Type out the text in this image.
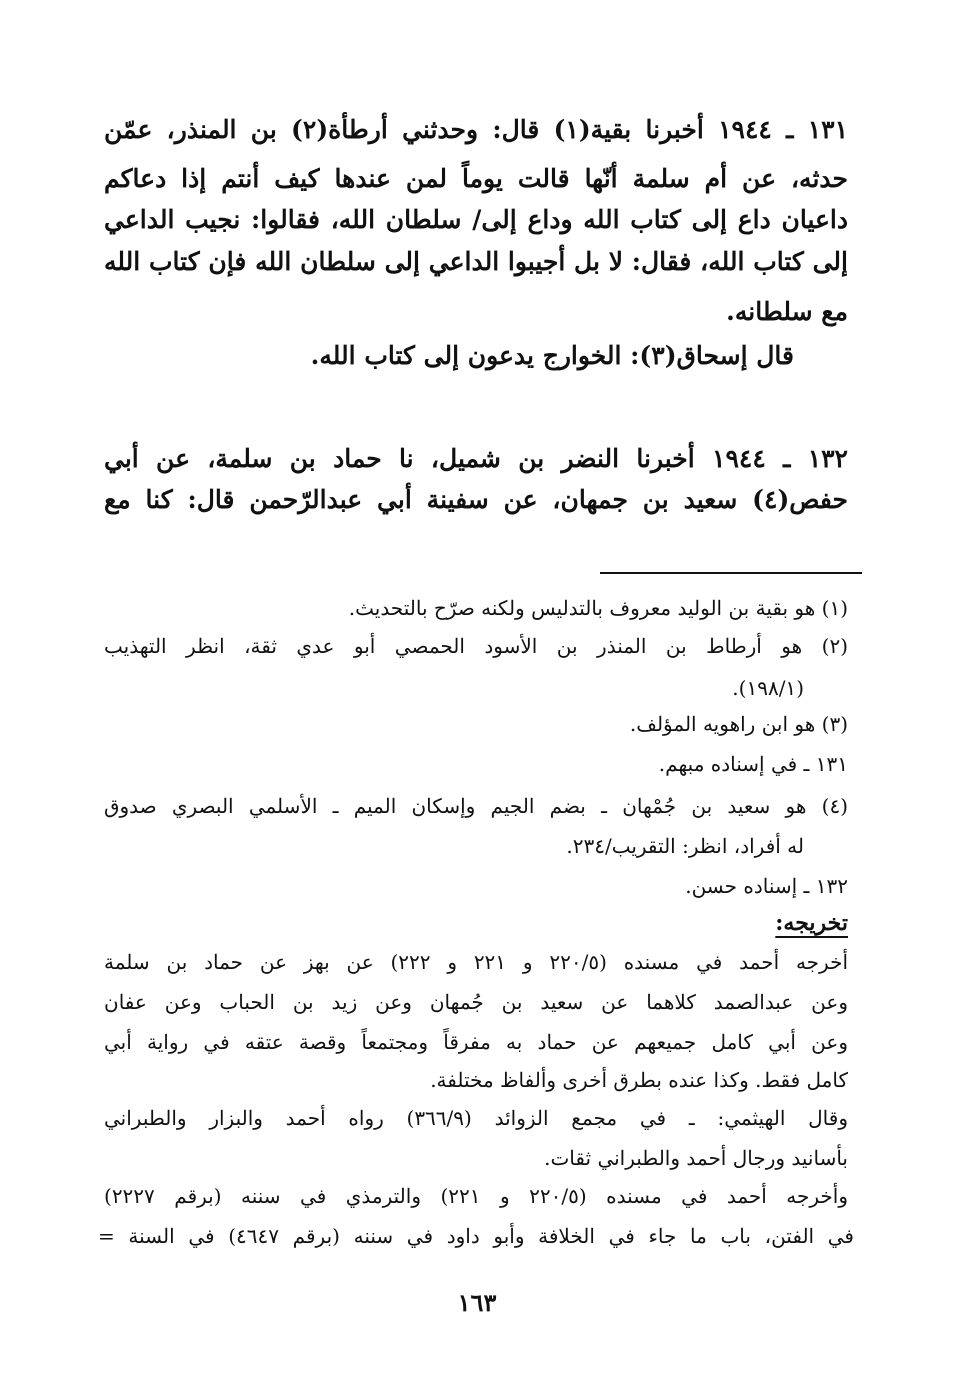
١٣١ ـ ١٩٤٤ أخبرنا بقية(١) قال: وحدثني أرطأة(٢) بن المنذر، عمّن
حدثه، عن أم سلمة أنّها قالت يوماً لمن عندها كيف أنتم إذا دعاكم
داعيان داع إلى كتاب الله وداع إلى/ سلطان الله، فقالوا: نجيب الداعي
إلى كتاب الله، فقال: لا بل أجيبوا الداعي إلى سلطان الله فإن كتاب الله
مع سلطانه.
قال إسحاق(٣): الخوارج يدعون إلى كتاب الله.
١٣٢ ـ ١٩٤٤ أخبرنا النضر بن شميل، نا حماد بن سلمة، عن أبي
حفص(٤) سعيد بن جمهان، عن سفينة أبي عبدالرّحمن قال: كنا مع
(١) هو بقية بن الوليد معروف بالتدليس ولكنه صرّح بالتحديث.
(٢) هو أرطاط بن المنذر بن الأسود الحمصي أبو عدي ثقة، انظر التهذيب
(١٩٨/١).
(٣) هو ابن راهويه المؤلف.
١٣١ ـ في إسناده مبهم.
(٤) هو سعيد بن جُمْهان ـ بضم الجيم وإسكان الميم ـ الأسلمي البصري صدوق
له أفراد، انظر: التقريب/٢٣٤.
١٣٢ ـ إسناده حسن.
تخريجه:
أخرجه أحمد في مسنده (٢٢٠/٥ و ٢٢١ و ٢٢٢) عن بهز عن حماد بن سلمة
وعن عبدالصمد كلاهما عن سعيد بن جُمهان وعن زيد بن الحباب وعن عفان
وعن أبي كامل جميعهم عن حماد به مفرقاً ومجتمعاً وقصة عتقه في رواية أبي
كامل فقط. وكذا عنده بطرق أخرى وألفاظ مختلفة.
وقال الهيثمي: ـ في مجمع الزوائد (٣٦٦/٩) رواه أحمد والبزار والطبراني
بأسانيد ورجال أحمد والطبراني ثقات.
وأخرجه أحمد في مسنده (٢٢٠/٥ و ٢٢١) والترمذي في سننه (برقم ٢٢٢٧)
في الفتن، باب ما جاء في الخلافة وأبو داود في سننه (برقم ٤٦٤٧) في السنة =
١٦٣
